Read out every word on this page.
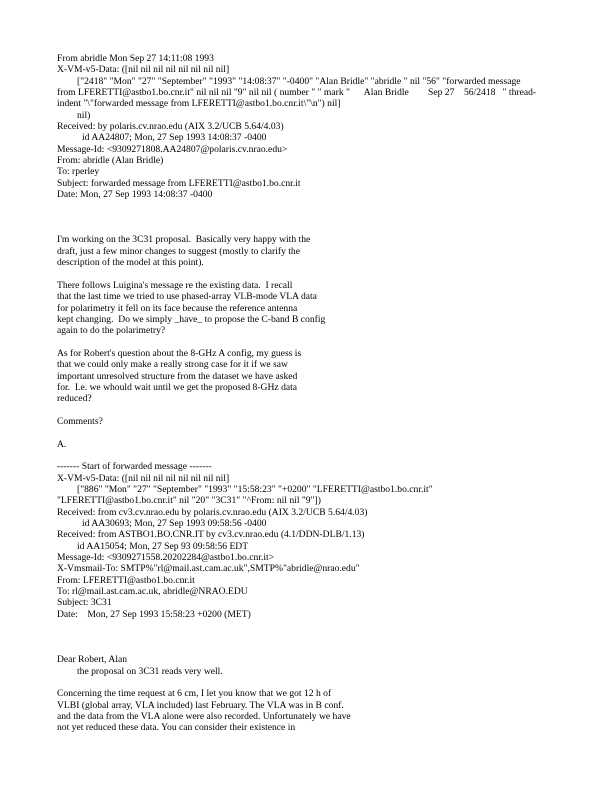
From abridle Mon Sep 27 14:11:08 1993
X-VM-v5-Data: ([nil nil nil nil nil nil nil nil]
["2418" "Mon" "27" "September" "1993" "14:08:37" "-0400" "Alan Bridle" "abridle " nil "56" "forwarded message
from LFERETTI@astbo1.bo.cnr.it" nil nil nil "9" nil nil ( number " " mark "      Alan Bridle        Sep 27    56/2418   " thread-
indent "\"forwarded message from LFERETTI@astbo1.bo.cnr.it\"\n") nil]
nil)
Received: by polaris.cv.nrao.edu (AIX 3.2/UCB 5.64/4.03)
id AA24807; Mon, 27 Sep 1993 14:08:37 -0400
Message-Id: <9309271808.AA24807@polaris.cv.nrao.edu>
From: abridle (Alan Bridle)
To: rperley
Subject: forwarded message from LFERETTI@astbo1.bo.cnr.it
Date: Mon, 27 Sep 1993 14:08:37 -0400
I'm working on the 3C31 proposal.  Basically very happy with the
draft, just a few minor changes to suggest (mostly to clarify the
description of the model at this point).
There follows Luigina's message re the existing data.  I recall
that the last time we tried to use phased-array VLB-mode VLA data
for polarimetry it fell on its face because the reference antenna
kept changing.  Do we simply _have_ to propose the C-band B config
again to do the polarimetry?
As for Robert's question about the 8-GHz A config, my guess is
that we could only make a really strong case for it if we saw
important unresolved structure from the dataset we have asked
for.  I.e. we whould wait until we get the proposed 8-GHz data
reduced?
Comments?
A.
------- Start of forwarded message -------
X-VM-v5-Data: ([nil nil nil nil nil nil nil nil]
["886" "Mon" "27" "September" "1993" "15:58:23" "+0200" "LFERETTI@astbo1.bo.cnr.it"
"LFERETTI@astbo1.bo.cnr.it" nil "20" "3C31" "^From: nil nil "9"])
Received: from cv3.cv.nrao.edu by polaris.cv.nrao.edu (AIX 3.2/UCB 5.64/4.03)
id AA30693; Mon, 27 Sep 1993 09:58:56 -0400
Received: from ASTBO1.BO.CNR.IT by cv3.cv.nrao.edu (4.1/DDN-DLB/1.13)
id AA15054; Mon, 27 Sep 93 09:58:56 EDT
Message-Id: <9309271558.20202284@astbo1.bo.cnr.it>
X-Vmsmail-To: SMTP%"rl@mail.ast.cam.ac.uk",SMTP%"abridle@nrao.edu"
From: LFERETTI@astbo1.bo.cnr.it
To: rl@mail.ast.cam.ac.uk, abridle@NRAO.EDU
Subject: 3C31
Date:    Mon, 27 Sep 1993 15:58:23 +0200 (MET)
Dear Robert, Alan
the proposal on 3C31 reads very well.
Concerning the time request at 6 cm, I let you know that we got 12 h of
VLBI (global array, VLA included) last February. The VLA was in B conf.
and the data from the VLA alone were also recorded. Unfortunately we have
not yet reduced these data. You can consider their existence in
